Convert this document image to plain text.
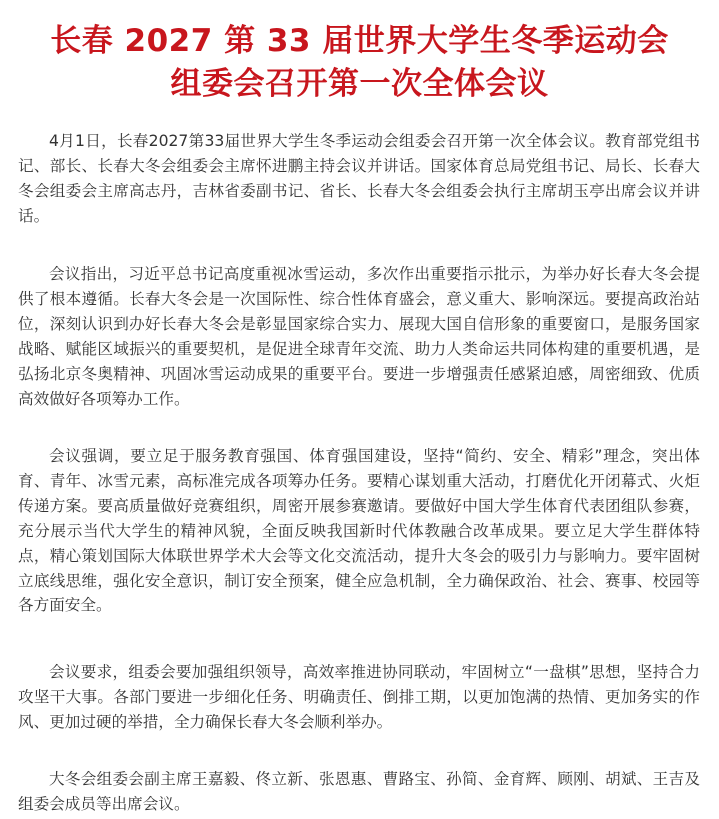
长春 2027 第 33 届世界大学生冬季运动会
组委会召开第一次全体会议

4月1日，长春2027第33届世界大学生冬季运动会组委会召开第一次全体会议。教育部党组书记、部长、长春大冬会组委会主席怀进鹏主持会议并讲话。国家体育总局党组书记、局长、长春大冬会组委会主席高志丹，吉林省委副书记、省长、长春大冬会组委会执行主席胡玉亭出席会议并讲话。

会议指出，习近平总书记高度重视冰雪运动，多次作出重要指示批示，为举办好长春大冬会提供了根本遵循。长春大冬会是一次国际性、综合性体育盛会，意义重大、影响深远。要提高政治站位，深刻认识到办好长春大冬会是彰显国家综合实力、展现大国自信形象的重要窗口，是服务国家战略、赋能区域振兴的重要契机，是促进全球青年交流、助力人类命运共同体构建的重要机遇，是弘扬北京冬奥精神、巩固冰雪运动成果的重要平台。要进一步增强责任感紧迫感，周密细致、优质高效做好各项筹办工作。

会议强调，要立足于服务教育强国、体育强国建设，坚持“简约、安全、精彩”理念，突出体育、青年、冰雪元素，高标准完成各项筹办任务。要精心谋划重大活动，打磨优化开闭幕式、火炬传递方案。要高质量做好竞赛组织，周密开展参赛邀请。要做好中国大学生体育代表团组队参赛，充分展示当代大学生的精神风貌，全面反映我国新时代体教融合改革成果。要立足大学生群体特点，精心策划国际大体联世界学术大会等文化交流活动，提升大冬会的吸引力与影响力。要牢固树立底线思维，强化安全意识，制订安全预案，健全应急机制，全力确保政治、社会、赛事、校园等各方面安全。

会议要求，组委会要加强组织领导，高效率推进协同联动，牢固树立“一盘棋”思想，坚持合力攻坚干大事。各部门要进一步细化任务、明确责任、倒排工期，以更加饱满的热情、更加务实的作风、更加过硬的举措，全力确保长春大冬会顺利举办。

大冬会组委会副主席王嘉毅、佟立新、张恩惠、曹路宝、孙简、金育辉、顾刚、胡斌、王吉及组委会成员等出席会议。
